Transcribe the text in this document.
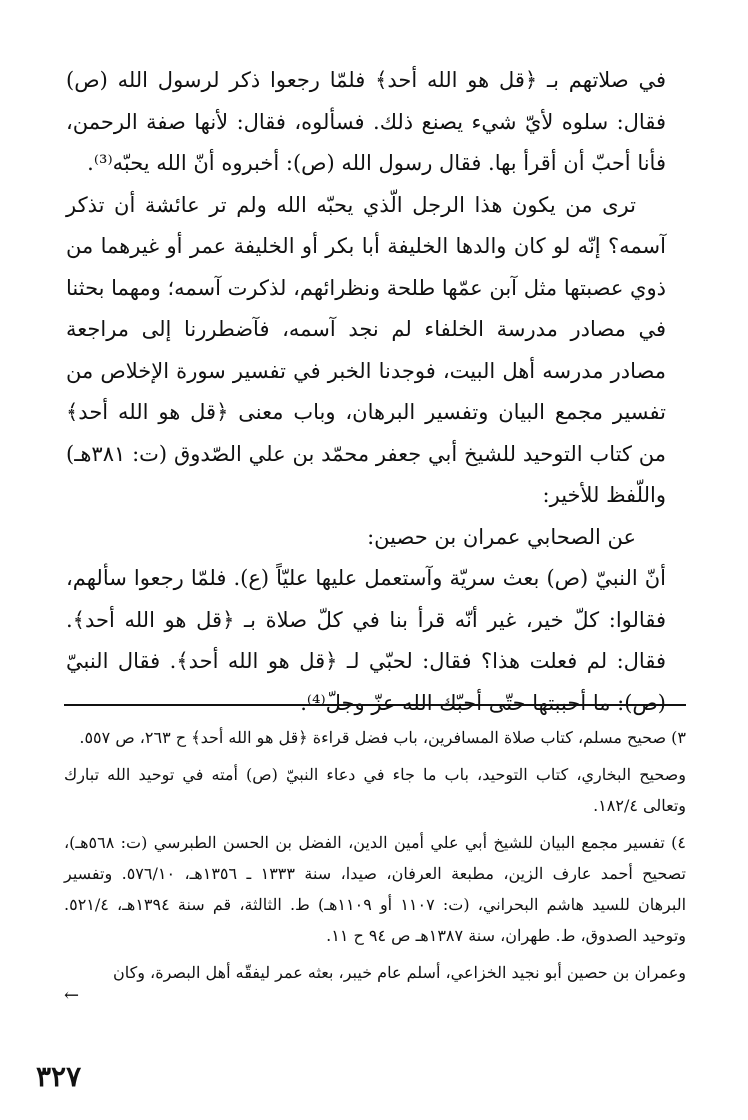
في صلاتهم بـ ﴿قل هو الله أحد﴾ فلمّا رجعوا ذكر لرسول الله (ص) فقال: سلوه لأيّ شيء يصنع ذلك. فسألوه، فقال: لأنها صفة الرحمن، فأنا أحبّ أن أقرأ بها. فقال رسول الله (ص): أخبروه أنّ الله يحبّه⁽³⁾.

ترى من يكون هذا الرجل الّذي يحبّه الله ولم تر عائشة أن تذكر آسمه؟ إنّه لو كان والدها الخليفة أبا بكر أو الخليفة عمر أو غيرهما من ذوي عصبتها مثل آبن عمّها طلحة ونظرائهم، لذكرت آسمه؛ ومهما بحثنا في مصادر مدرسة الخلفاء لم نجد آسمه، فآضطررنا إلى مراجعة مصادر مدرسه أهل البيت، فوجدنا الخبر في تفسير سورة الإخلاص من تفسير مجمع البيان وتفسير البرهان، وباب معنى ﴿قل هو الله أحد﴾ من كتاب التوحيد للشيخ أبي جعفر محمّد بن علي الصّدوق (ت: ٣٨١هـ) واللّفظ للأخير:

عن الصحابي عمران بن حصين:

أنّ النبيّ (ص) بعث سريّة وآستعمل عليها عليّاً (ع). فلمّا رجعوا سألهم، فقالوا: كلّ خير، غير أنّه قرأ بنا في كلّ صلاة بـ ﴿قل هو الله أحد﴾. فقال: لم فعلت هذا؟ فقال: لحبّي لـ ﴿قل هو الله أحد﴾. فقال النبيّ (ص): ما أحببتها حتّى أحبّك الله عزّ وجلّ⁽⁴⁾.

٣) صحيح مسلم، كتاب صلاة المسافرين، باب فضل قراءة ﴿قل هو الله أحد﴾ ح ٢٦٣، ص ٥٥٧.

وصحيح البخاري، كتاب التوحيد، باب ما جاء في دعاء النبيّ (ص) أمته في توحيد الله تبارك وتعالى ١٨٢/٤.

٤) تفسير مجمع البيان للشيخ أبي علي أمين الدين، الفضل بن الحسن الطبرسي (ت: ٥٦٨هـ)، تصحيح أحمد عارف الزين، مطبعة العرفان، صيدا، سنة ١٣٣٣ ـ ١٣٥٦هـ، ٥٧٦/١٠. وتفسير البرهان للسيد هاشم البحراني، (ت: ١١٠٧ أو ١١٠٩هـ) ط. الثالثة، قم سنة ١٣٩٤هـ، ٥٢١/٤. وتوحيد الصدوق، ط. طهران، سنة ١٣٨٧هـ ص ٩٤ ح ١١.

وعمران بن حصين أبو نجيد الخزاعي، أسلم عام خيبر، بعثه عمر ليفقّه أهل البصرة، وكان

←
٣٢٧
